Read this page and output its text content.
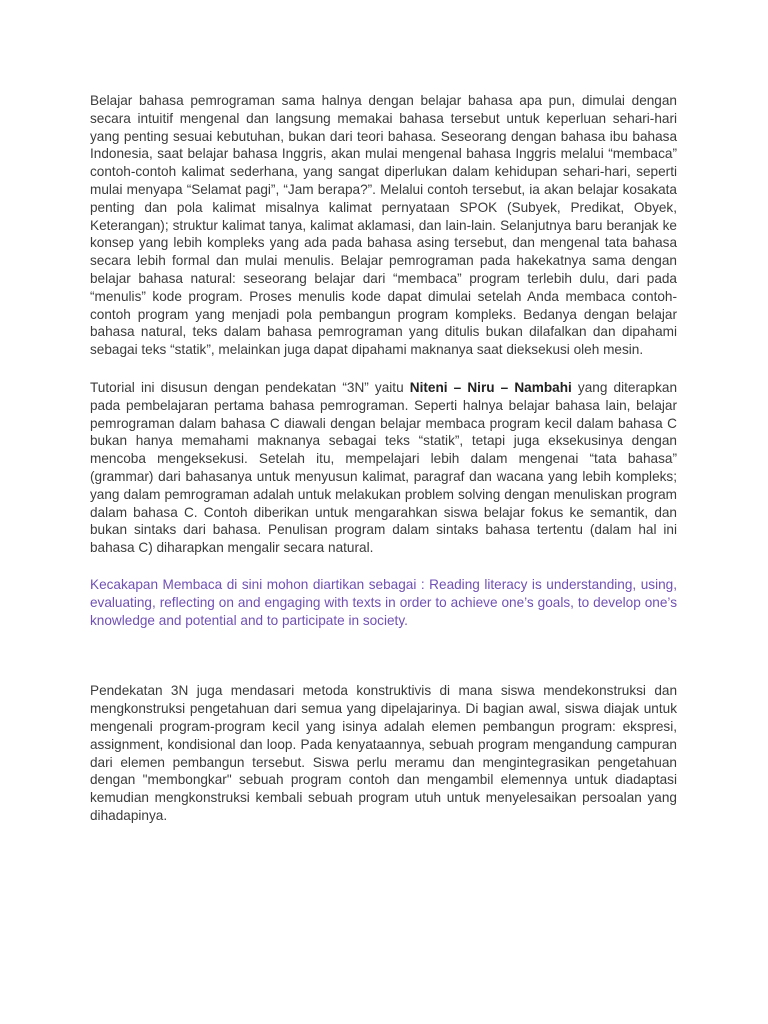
Belajar bahasa pemrograman sama halnya dengan belajar bahasa apa pun, dimulai dengan secara intuitif mengenal dan langsung memakai bahasa tersebut untuk keperluan sehari-hari yang penting sesuai kebutuhan, bukan dari teori bahasa. Seseorang dengan bahasa ibu bahasa Indonesia, saat belajar bahasa Inggris, akan mulai mengenal bahasa Inggris melalui “membaca” contoh-contoh kalimat sederhana, yang sangat diperlukan dalam kehidupan sehari-hari, seperti mulai menyapa “Selamat pagi”, “Jam berapa?”. Melalui contoh tersebut, ia akan belajar kosakata penting dan pola kalimat misalnya kalimat pernyataan SPOK (Subyek, Predikat, Obyek, Keterangan); struktur kalimat tanya, kalimat aklamasi, dan lain-lain. Selanjutnya baru beranjak ke konsep yang lebih kompleks yang ada pada bahasa asing tersebut, dan mengenal tata bahasa secara lebih formal dan mulai menulis. Belajar pemrograman pada hakekatnya sama dengan belajar bahasa natural: seseorang belajar dari “membaca” program terlebih dulu, dari pada “menulis” kode program. Proses menulis kode dapat dimulai setelah Anda membaca contoh-contoh program yang menjadi pola pembangun program kompleks. Bedanya dengan belajar bahasa natural, teks dalam bahasa pemrograman yang ditulis bukan dilafalkan dan dipahami sebagai teks “statik”, melainkan juga dapat dipahami maknanya saat dieksekusi oleh mesin.

Tutorial ini disusun dengan pendekatan “3N” yaitu Niteni – Niru – Nambahi yang diterapkan pada pembelajaran pertama bahasa pemrograman. Seperti halnya belajar bahasa lain, belajar pemrograman dalam bahasa C diawali dengan belajar membaca program kecil dalam bahasa C bukan hanya memahami maknanya sebagai teks “statik”, tetapi juga eksekusinya dengan mencoba mengeksekusi. Setelah itu, mempelajari lebih dalam mengenai “tata bahasa” (grammar) dari bahasanya untuk menyusun kalimat, paragraf dan wacana yang lebih kompleks; yang dalam pemrograman adalah untuk melakukan problem solving dengan menuliskan program dalam bahasa C. Contoh diberikan untuk mengarahkan siswa belajar fokus ke semantik, dan bukan sintaks dari bahasa. Penulisan program dalam sintaks bahasa tertentu (dalam hal ini bahasa C) diharapkan mengalir secara natural.

Kecakapan Membaca di sini mohon diartikan sebagai : Reading literacy is understanding, using, evaluating, reflecting on and engaging with texts in order to achieve one’s goals, to develop one’s knowledge and potential and to participate in society.

Pendekatan 3N juga mendasari metoda konstruktivis di mana siswa mendekonstruksi dan mengkonstruksi pengetahuan dari semua yang dipelajarinya. Di bagian awal, siswa diajak untuk mengenali program-program kecil yang isinya adalah elemen pembangun program: ekspresi, assignment, kondisional dan loop. Pada kenyataannya, sebuah program mengandung campuran dari elemen pembangun tersebut. Siswa perlu meramu dan mengintegrasikan pengetahuan dengan "membongkar" sebuah program contoh dan mengambil elemennya untuk diadaptasi kemudian mengkonstruksi kembali sebuah program utuh untuk menyelesaikan persoalan yang dihadapinya.
